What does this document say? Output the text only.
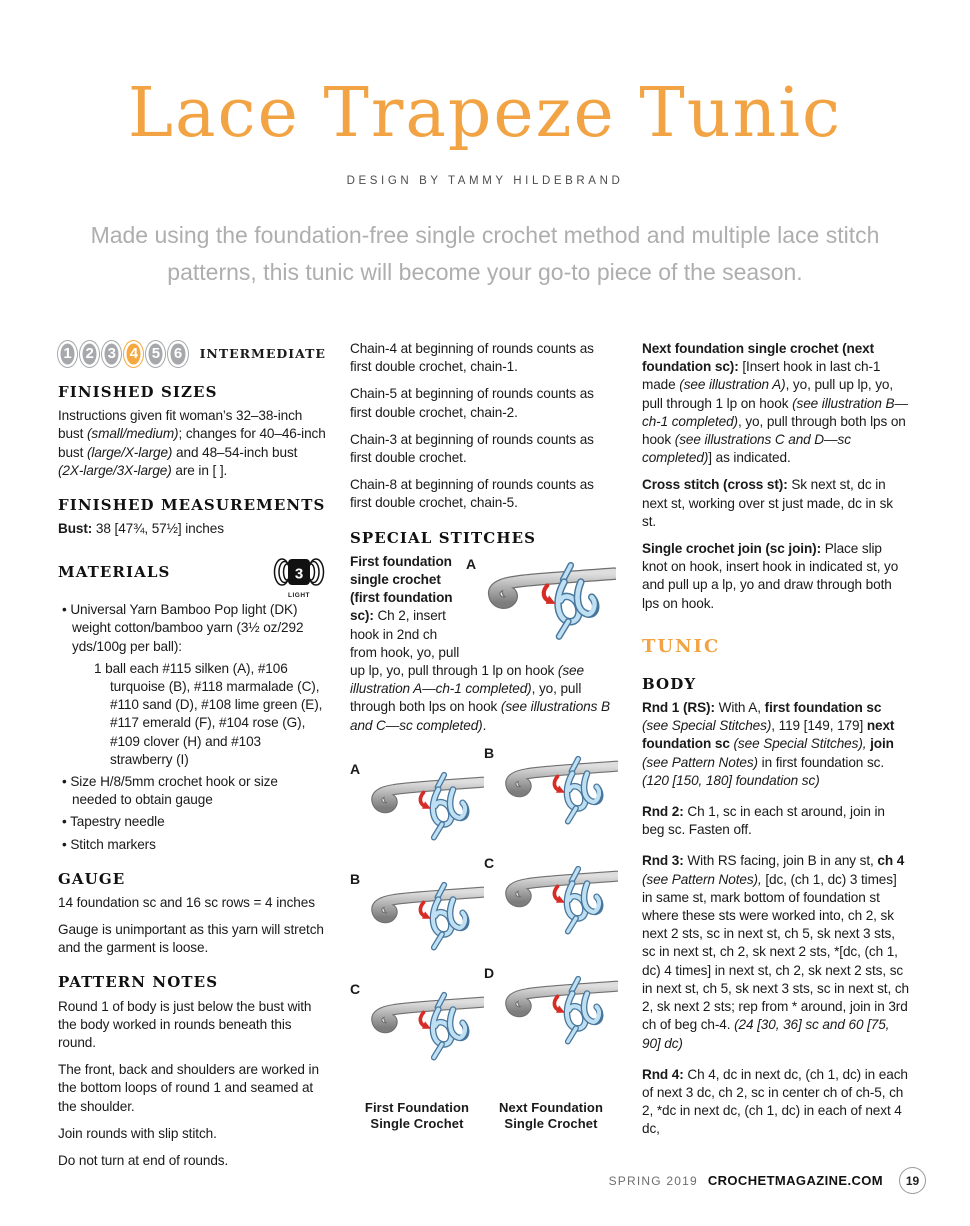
Lace Trapeze Tunic
DESIGN BY TAMMY HILDEBRAND
Made using the foundation-free single crochet method and multiple lace stitch patterns, this tunic will become your go-to piece of the season.
1 2 3 4 5 6	INTERMEDIATE
FINISHED SIZES

Instructions given fit woman’s 32–38-inch bust (small/medium); changes for 40–46-inch bust (large/X-large) and 48–54-inch bust (2X-large/3X-large) are in [ ].

FINISHED MEASUREMENTS

Bust: 38 [47¾, 57½] inches

MATERIALS	3
LIGHT
• Universal Yarn Bamboo Pop light (DK) weight cotton/bamboo yarn (3½ oz/292 yds/100g per ball):
1 ball each #115 silken (A), #106 turquoise (B), #118 marmalade (C), #110 sand (D), #108 lime green (E), #117 emerald (F), #104 rose (G), #109 clover (H) and #103 strawberry (I)
• Size H/8/5mm crochet hook or size needed to obtain gauge
• Tapestry needle
• Stitch markers
GAUGE

14 foundation sc and 16 sc rows = 4 inches

Gauge is unimportant as this yarn will stretch and the garment is loose.

PATTERN NOTES

Round 1 of body is just below the bust with the body worked in rounds beneath this round.

The front, back and shoulders are worked in the bottom loops of round 1 and seamed at the shoulder.

Join rounds with slip stitch.

Do not turn at end of rounds.

Chain-4 at beginning of rounds counts as first double crochet, chain-1.

Chain-5 at beginning of rounds counts as first double crochet, chain-2.

Chain-3 at beginning of rounds counts as first double crochet.

Chain-8 at beginning of rounds counts as first double crochet, chain-5.

SPECIAL STITCHES

A
First foundation single crochet (first foundation sc): Ch 2, insert hook in 2nd ch from hook, yo, pull up lp, yo, pull through 1 lp on hook (see illustration A—ch-1 completed), yo, pull through both lps on hook (see illustrations B and C—sc completed).

A
B
C
B
C
D
First Foundation Single Crochet
Next Foundation Single Crochet

Next foundation single crochet (next foundation sc): [Insert hook in last ch-1 made (see illustration A), yo, pull up lp, yo, pull through 1 lp on hook (see illustration B—ch-1 completed), yo, pull through both lps on hook (see illustrations C and D—sc completed)] as indicated.

Cross stitch (cross st): Sk next st, dc in next st, working over st just made, dc in sk st.

Single crochet join (sc join): Place slip knot on hook, insert hook in indicated st, yo and pull up a lp, yo and draw through both lps on hook.

TUNIC
BODY

Rnd 1 (RS): With A, first foundation sc (see Special Stitches), 119 [149, 179] next foundation sc (see Special Stitches), join (see Pattern Notes) in first foundation sc. (120 [150, 180] foundation sc)

Rnd 2: Ch 1, sc in each st around, join in beg sc. Fasten off.

Rnd 3: With RS facing, join B in any st, ch 4 (see Pattern Notes), [dc, (ch 1, dc) 3 times] in same st, mark bottom of foundation st where these sts were worked into, ch 2, sk next 2 sts, sc in next st, ch 5, sk next 3 sts, sc in next st, ch 2, sk next 2 sts, *[dc, (ch 1, dc) 4 times] in next st, ch 2, sk next 2 sts, sc in next st, ch 5, sk next 3 sts, sc in next st, ch 2, sk next 2 sts; rep from * around, join in 3rd ch of beg ch-4. (24 [30, 36] sc and 60 [75, 90] dc)

Rnd 4: Ch 4, dc in next dc, (ch 1, dc) in each of next 3 dc, ch 2, sc in center ch of ch-5, ch 2, *dc in next dc, (ch 1, dc) in each of next 4 dc,

SPRING 2019 CROCHETMAGAZINE.COM	19
